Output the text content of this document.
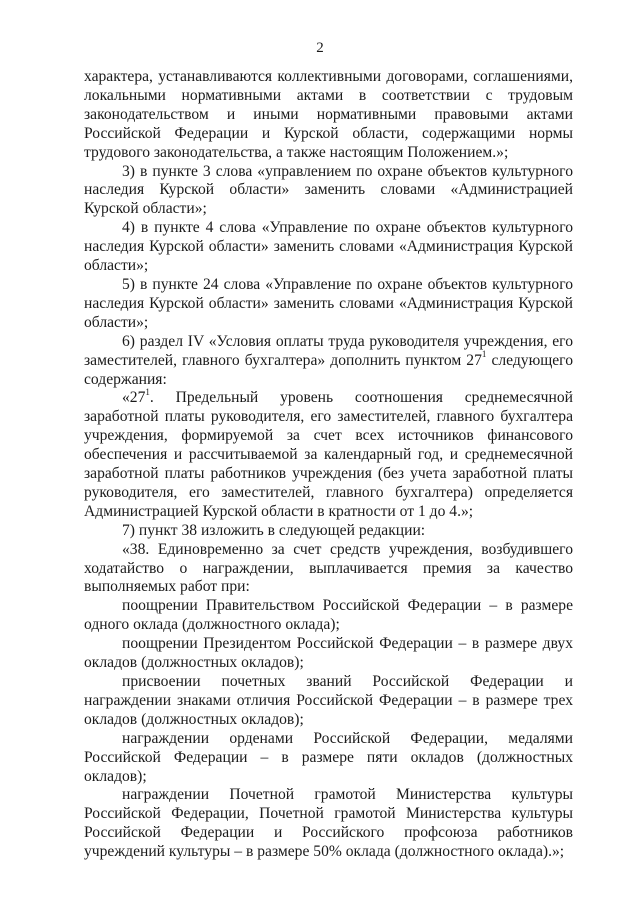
2

характера, устанавливаются коллективными договорами, соглашениями, локальными нормативными актами в соответствии с трудовым законодательством и иными нормативными правовыми актами Российской Федерации и Курской области, содержащими нормы трудового законодательства, а также настоящим Положением.»;

3) в пункте 3 слова «управлением по охране объектов культурного наследия Курской области» заменить словами «Администрацией Курской области»;

4) в пункте 4 слова «Управление по охране объектов культурного наследия Курской области» заменить словами «Администрация Курской области»;

5) в пункте 24 слова «Управление по охране объектов культурного наследия Курской области» заменить словами «Администрация Курской области»;

6) раздел IV «Условия оплаты труда руководителя учреждения, его заместителей, главного бухгалтера» дополнить пунктом $27^1$ следующего содержания:

«$27^1$. Предельный уровень соотношения среднемесячной заработной платы руководителя, его заместителей, главного бухгалтера учреждения, формируемой за счет всех источников финансового обеспечения и рассчитываемой за календарный год, и среднемесячной заработной платы работников учреждения (без учета заработной платы руководителя, его заместителей, главного бухгалтера) определяется Администрацией Курской области в кратности от 1 до 4.»;

7) пункт 38 изложить в следующей редакции:

«38. Единовременно за счет средств учреждения, возбудившего ходатайство о награждении, выплачивается премия за качество выполняемых работ при:

поощрении Правительством Российской Федерации – в размере одного оклада (должностного оклада);

поощрении Президентом Российской Федерации – в размере двух окладов (должностных окладов);

присвоении почетных званий Российской Федерации и награждении знаками отличия Российской Федерации – в размере трех окладов (должностных окладов);

награждении орденами Российской Федерации, медалями Российской Федерации – в размере пяти окладов (должностных окладов);

награждении Почетной грамотой Министерства культуры Российской Федерации, Почетной грамотой Министерства культуры Российской Федерации и Российского профсоюза работников учреждений культуры – в размере 50% оклада (должностного оклада).»;
